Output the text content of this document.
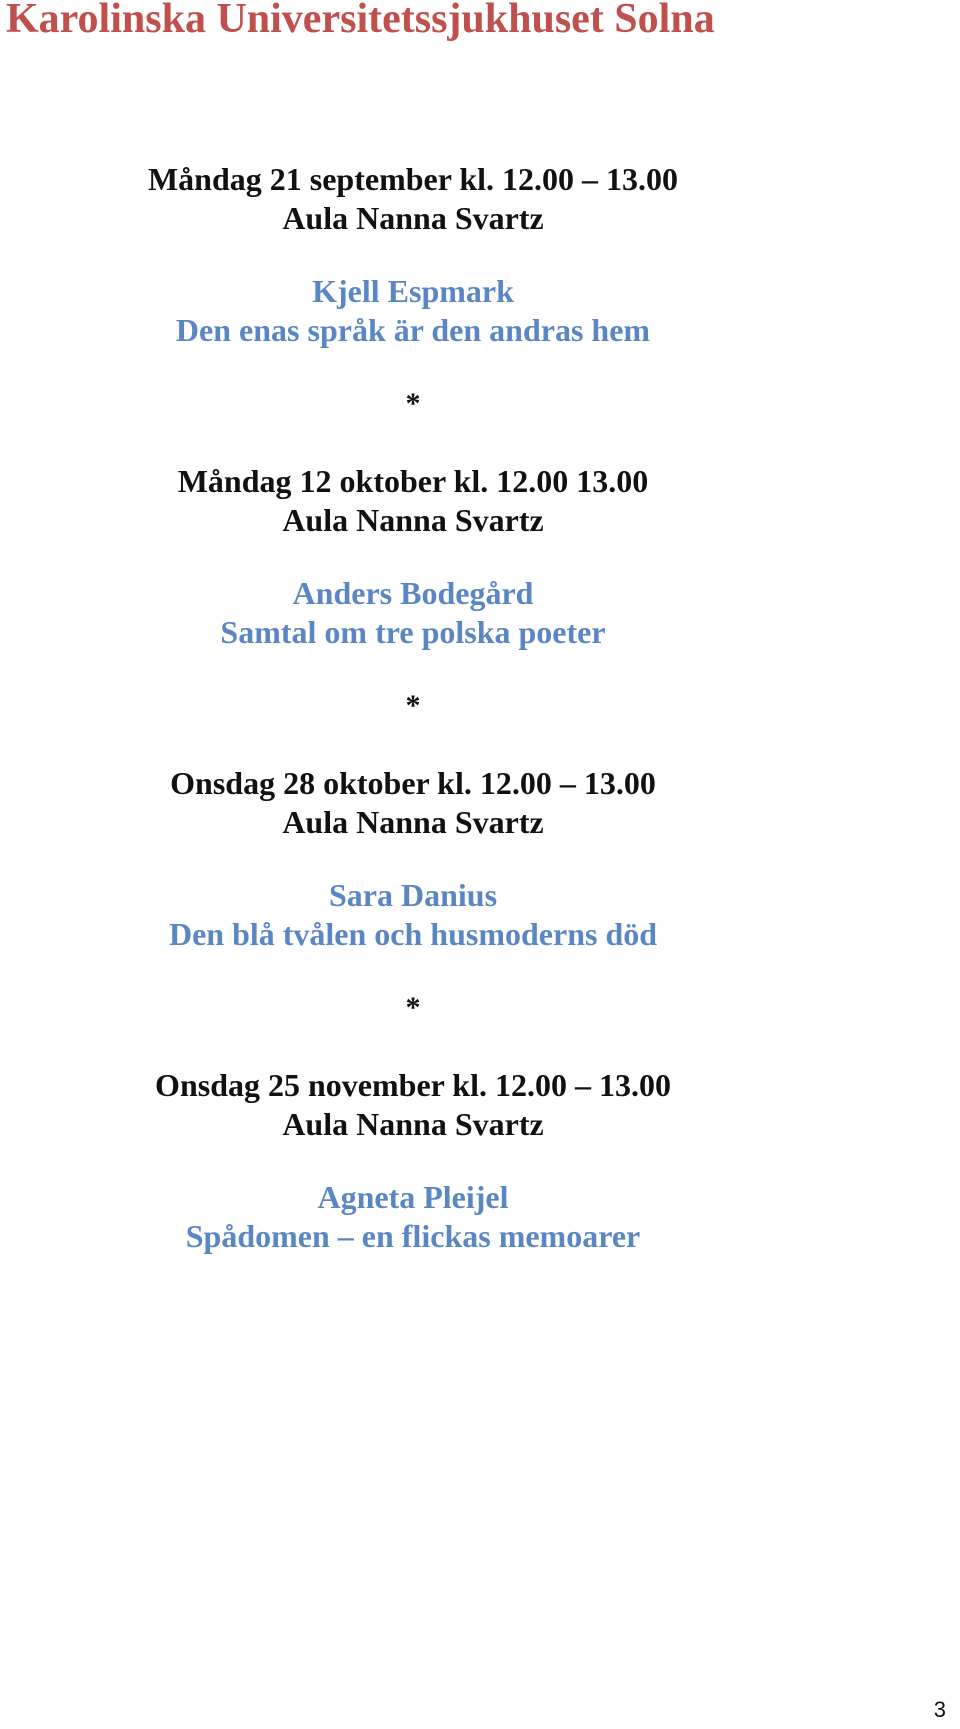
Karolinska Universitetssjukhuset Solna
Måndag 21 september kl. 12.00 – 13.00
Aula Nanna Svartz
Kjell Espmark
Den enas språk är den andras hem
*
Måndag 12 oktober kl. 12.00 13.00
Aula Nanna Svartz
Anders Bodegård
Samtal om tre polska poeter
*
Onsdag 28 oktober kl. 12.00 – 13.00
Aula Nanna Svartz
Sara Danius
Den blå tvålen och husmoderns död
*
Onsdag 25 november kl. 12.00 – 13.00
Aula Nanna Svartz
Agneta Pleijel
Spådomen – en flickas memoarer
3
